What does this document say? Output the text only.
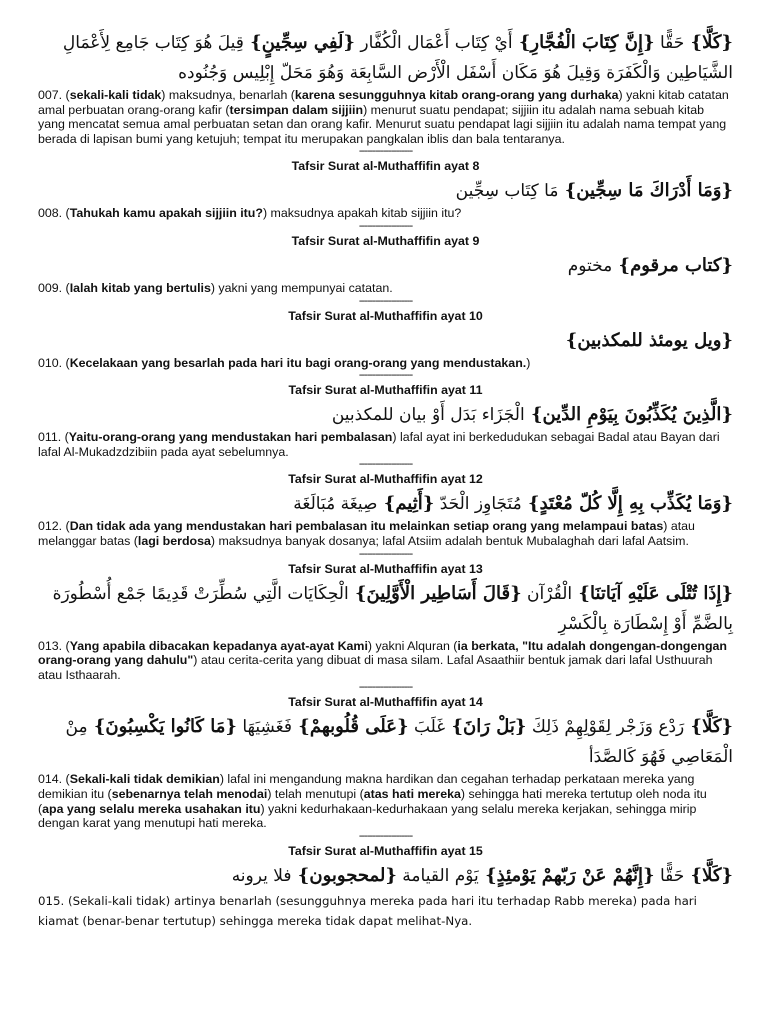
{كَلَّا} حَقًّا {إِنَّ كِتَابَ الْفُجَّارِ} أَيْ كِتَاب أَعْمَال الْكُفَّار {لَفِي سِجِّينٍ} قِيلَ هُوَ كِتَاب جَامِع لِأَعْمَالِ الشَّيَاطِين وَالْكَفَرَة وَقِيلَ هُوَ مَكَان أَسْفَل الْأَرْض السَّابِعَة وَهُوَ مَحَلّ إِبْلِيس وَجُنُوده

007. (sekali-kali tidak) maksudnya, benarlah (karena sesungguhnya kitab orang-orang yang durhaka) yakni kitab catatan amal perbuatan orang-orang kafir (tersimpan dalam sijjiin) menurut suatu pendapat; sijjiin itu adalah nama sebuah kitab yang mencatat semua amal perbuatan setan dan orang kafir. Menurut suatu pendapat lagi sijjiin itu adalah nama tempat yang berada di lapisan bumi yang ketujuh; tempat itu merupakan pangkalan iblis dan bala tentaranya.

--------------------

Tafsir Surat al-Muthaffifin ayat 8

{وَمَا أَدْرَاكَ مَا سِجِّين} مَا كِتَاب سِجِّين

008. (Tahukah kamu apakah sijjiin itu?) maksudnya apakah kitab sijjiin itu?

--------------------

Tafsir Surat al-Muthaffifin ayat 9

{كتاب مرقوم} مختوم

009. (Ialah kitab yang bertulis) yakni yang mempunyai catatan.

--------------------

Tafsir Surat al-Muthaffifin ayat 10

{ويل يومئذ للمكذبين}

010. (Kecelakaan yang besarlah pada hari itu bagi orang-orang yang mendustakan.)

--------------------

Tafsir Surat al-Muthaffifin ayat 11

{الَّذِينَ يُكَذِّبُونَ بِيَوْمِ الدِّين} الْجَزَاء بَدَل أَوْ بيان للمكذبين

011. (Yaitu-orang-orang yang mendustakan hari pembalasan) lafal ayat ini berkedudukan sebagai Badal atau Bayan dari lafal Al-Mukadzdzibiin pada ayat sebelumnya.

--------------------

Tafsir Surat al-Muthaffifin ayat 12

{وَمَا يُكَذِّب بِهِ إِلَّا كُلّ مُعْتَدٍ} مُتَجَاوِز الْحَدّ {أَثِيم} صِيغَة مُبَالَغَة

012. (Dan tidak ada yang mendustakan hari pembalasan itu melainkan setiap orang yang melampaui batas) atau melanggar batas (lagi berdosa) maksudnya banyak dosanya; lafal Atsiim adalah bentuk Mubalaghah dari lafal Aatsim.

--------------------

Tafsir Surat al-Muthaffifin ayat 13

{إِذَا تُتْلَى عَلَيْهِ آيَاتنَا} الْقُرْآن {قَالَ أَسَاطِير الْأَوَّلِينَ} الْحِكَايَات الَّتِي سُطِّرَتْ قَدِيمًا جَمْع أُسْطُورَة بِالضَّمِّ أَوْ إِسْطَارَة بِالْكَسْرِ

013. (Yang apabila dibacakan kepadanya ayat-ayat Kami) yakni Alquran (ia berkata, "Itu adalah dongengan-dongengan orang-orang yang dahulu") atau cerita-cerita yang dibuat di masa silam. Lafal Asaathiir bentuk jamak dari lafal Usthuurah atau Isthaarah.

--------------------

Tafsir Surat al-Muthaffifin ayat 14

{كَلَّا} رَدْع وَزَجْر لِقَوْلِهِمْ ذَلِكَ {بَلْ رَانَ} غَلَبَ {عَلَى قُلُوبهمْ} فَغَشِيَهَا {مَا كَانُوا يَكْسِبُونَ} مِنْ الْمَعَاصِي فَهُوَ كَالصَّدَأ

014. (Sekali-kali tidak demikian) lafal ini mengandung makna hardikan dan cegahan terhadap perkataan mereka yang demikian itu (sebenarnya telah menodai) telah menutupi (atas hati mereka) sehingga hati mereka tertutup oleh noda itu (apa yang selalu mereka usahakan itu) yakni kedurhakaan-kedurhakaan yang selalu mereka kerjakan, sehingga mirip dengan karat yang menutupi hati mereka.

--------------------

Tafsir Surat al-Muthaffifin ayat 15

{كَلَّا} حَقًّا {إِنَّهُمْ عَنْ رَبّهمْ يَوْمئِذٍ} يَوْم القيامة {لمحجوبون} فلا يرونه

015. (Sekali-kali tidak) artinya benarlah (sesungguhnya mereka pada hari itu terhadap Rabb mereka) pada hari kiamat (benar-benar tertutup) sehingga mereka tidak dapat melihat-Nya.
